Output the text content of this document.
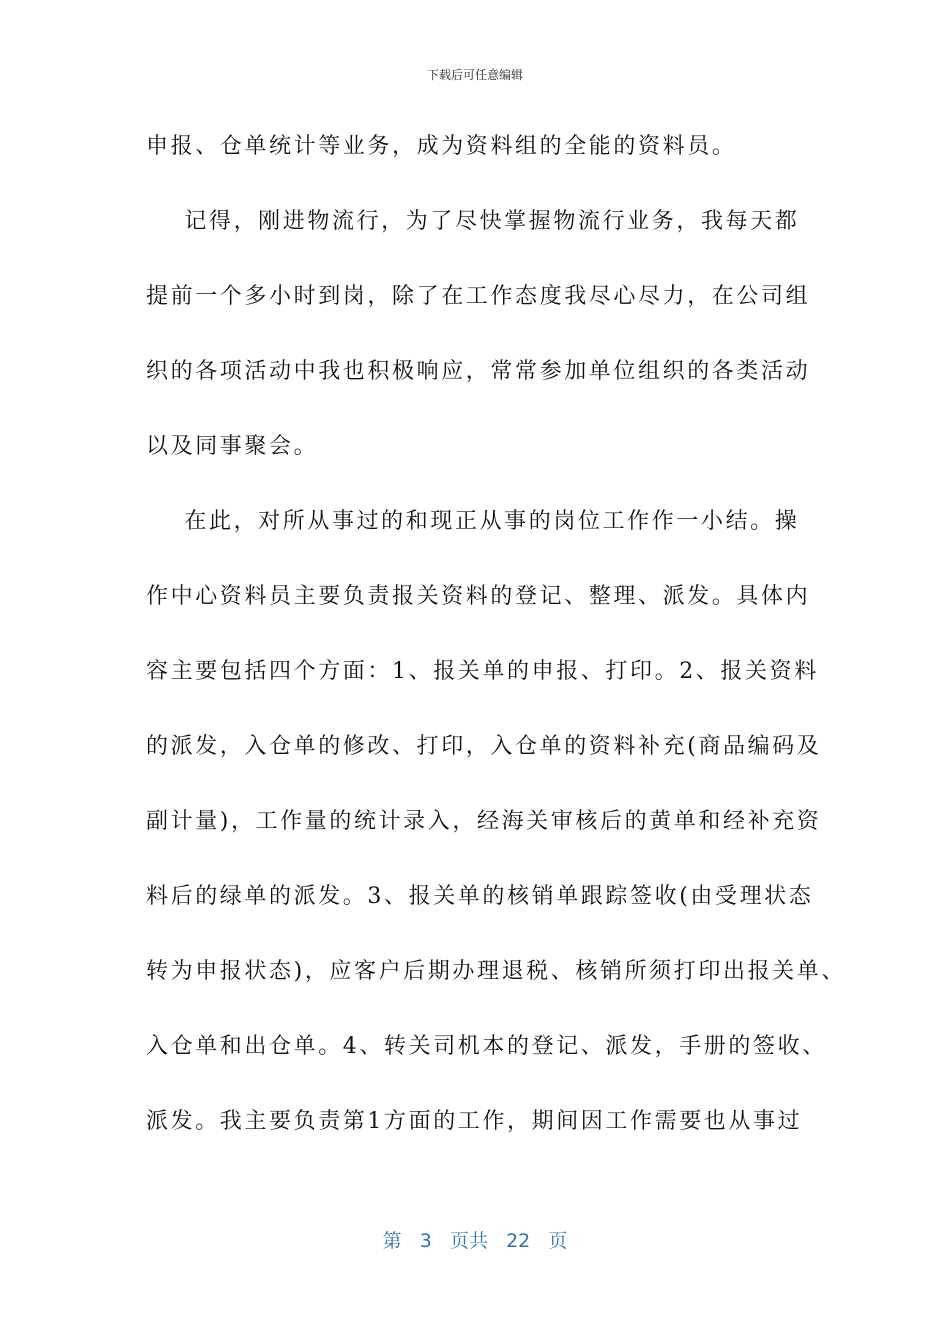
下载后可任意编辑
申报、仓单统计等业务，成为资料组的全能的资料员。
记得，刚进物流行，为了尽快掌握物流行业务，我每天都
提前一个多小时到岗，除了在工作态度我尽心尽力，在公司组
织的各项活动中我也积极响应，常常参加单位组织的各类活动
以及同事聚会。
在此，对所从事过的和现正从事的岗位工作作一小结。操
作中心资料员主要负责报关资料的登记、整理、派发。具体内
容主要包括四个方面：1、报关单的申报、打印。2、报关资料
的派发，入仓单的修改、打印，入仓单的资料补充(商品编码及
副计量)，工作量的统计录入，经海关审核后的黄单和经补充资
料后的绿单的派发。3、报关单的核销单跟踪签收(由受理状态
转为申报状态)，应客户后期办理退税、核销所须打印出报关单、
入仓单和出仓单。4、转关司机本的登记、派发，手册的签收、
派发。我主要负责第1方面的工作，期间因工作需要也从事过
第 3 页共 22 页
